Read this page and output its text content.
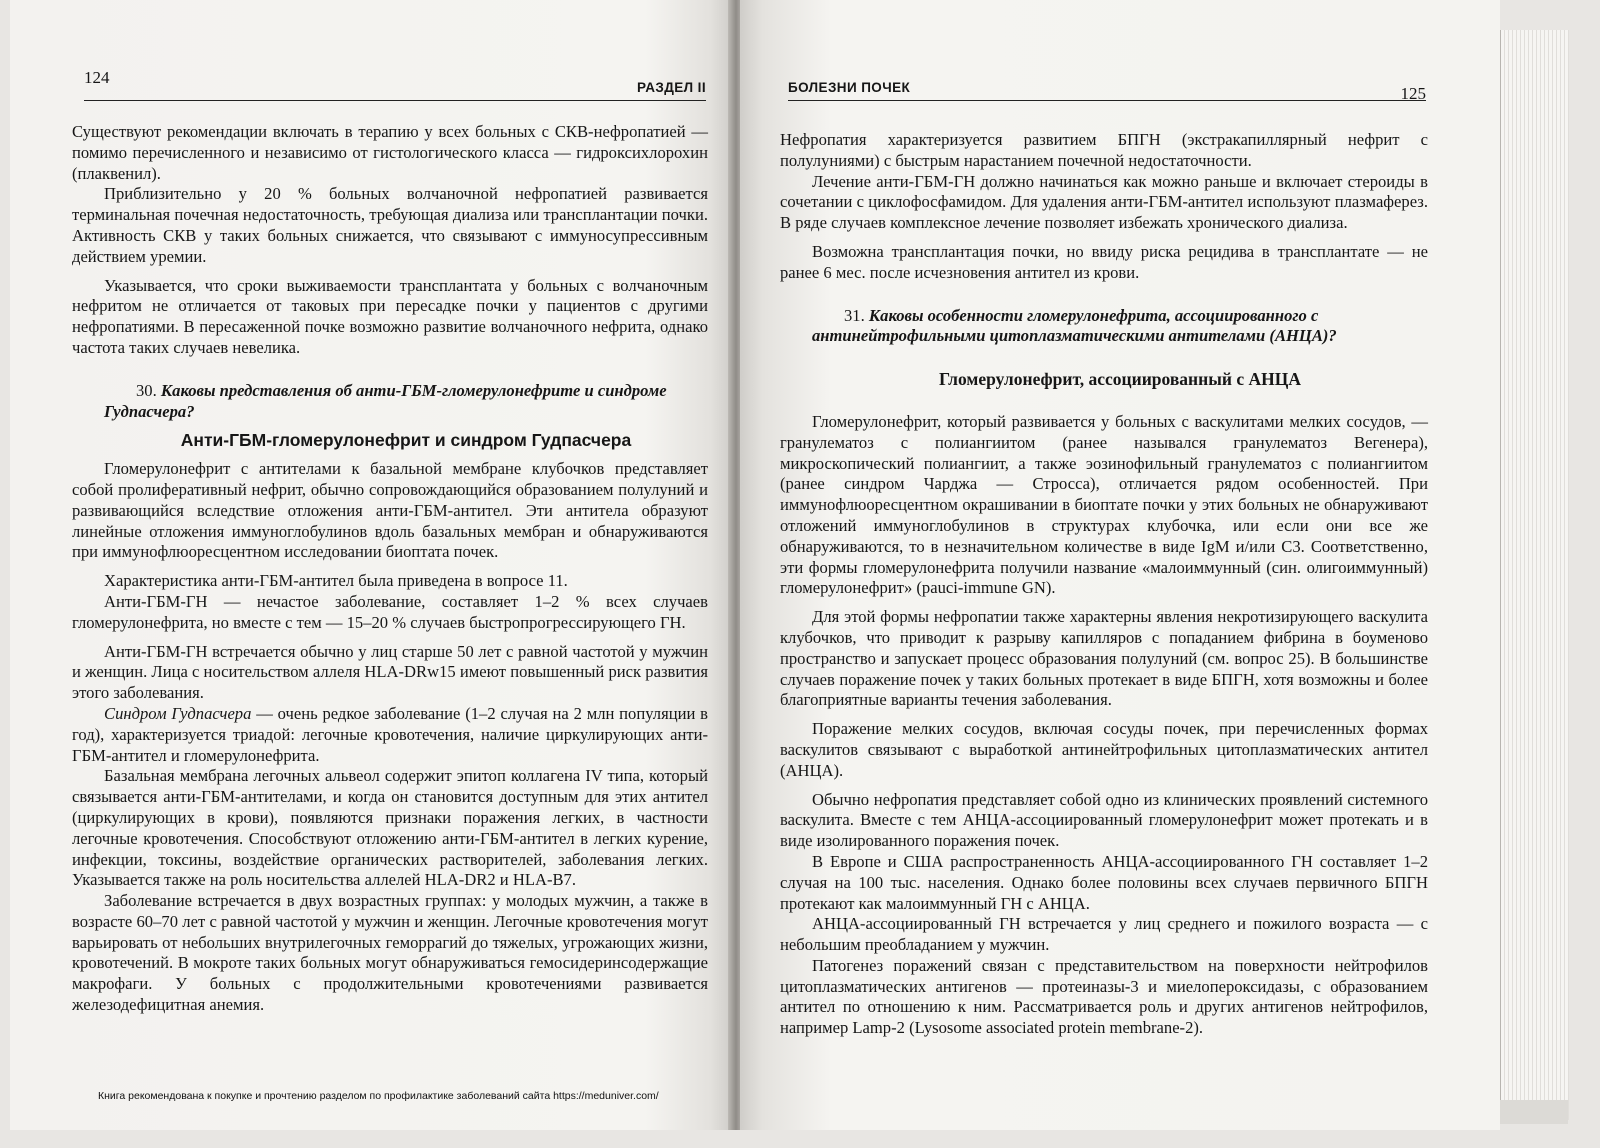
124
РАЗДЕЛ II

Существуют рекомендации включать в терапию у всех больных с СКВ-нефропатией — помимо перечисленного и независимо от гистологического класса — гидроксихлорохин (плаквенил).

Приблизительно у 20 % больных волчаночной нефропатией развивается терминальная почечная недостаточность, требующая диализа или трансплантации почки. Активность СКВ у таких больных снижается, что связывают с иммуносупрессивным действием уремии.

Указывается, что сроки выживаемости трансплантата у больных с волчаночным нефритом не отличается от таковых при пересадке почки у пациентов с другими нефропатиями. В пересаженной почке возможно развитие волчаночного нефрита, однако частота таких случаев невелика.

30. Каковы представления об анти-ГБМ-гломерулонефрите и синдроме Гудпасчера?

Анти-ГБМ-гломерулонефрит и синдром Гудпасчера

Гломерулонефрит с антителами к базальной мембране клубочков представляет собой пролиферативный нефрит, обычно сопровождающийся образованием полулуний и развивающийся вследствие отложения анти-ГБМ-антител. Эти антитела образуют линейные отложения иммуноглобулинов вдоль базальных мембран и обнаруживаются при иммунофлюоресцентном исследовании биоптата почек.

Характеристика анти-ГБМ-антител была приведена в вопросе 11.

Анти-ГБМ-ГН — нечастое заболевание, составляет 1–2 % всех случаев гломерулонефрита, но вместе с тем — 15–20 % случаев быстропрогрессирующего ГН.

Анти-ГБМ-ГН встречается обычно у лиц старше 50 лет с равной частотой у мужчин и женщин. Лица с носительством аллеля HLA-DRw15 имеют повышенный риск развития этого заболевания.

Синдром Гудпасчера — очень редкое заболевание (1–2 случая на 2 млн популяции в год), характеризуется триадой: легочные кровотечения, наличие циркулирующих анти-ГБМ-антител и гломерулонефрита.

Базальная мембрана легочных альвеол содержит эпитоп коллагена IV типа, который связывается анти-ГБМ-антителами, и когда он становится доступным для этих антител (циркулирующих в крови), появляются признаки поражения легких, в частности легочные кровотечения. Способствуют отложению анти-ГБМ-антител в легких курение, инфекции, токсины, воздействие органических растворителей, заболевания легких. Указывается также на роль носительства аллелей HLA-DR2 и HLA-B7.

Заболевание встречается в двух возрастных группах: у молодых мужчин, а также в возрасте 60–70 лет с равной частотой у мужчин и женщин. Легочные кровотечения могут варьировать от небольших внутрилегочных геморрагий до тяжелых, угрожающих жизни, кровотечений. В мокроте таких больных могут обнаруживаться гемосидеринсодержащие макрофаги. У больных с продолжительными кровотечениями развивается железодефицитная анемия.

Книга рекомендована к покупке и прочтению разделом по профилактике заболеваний сайта https://meduniver.com/
БОЛЕЗНИ ПОЧЕК	125

Нефропатия характеризуется развитием БПГН (экстракапиллярный нефрит с полулуниями) с быстрым нарастанием почечной недостаточности.

Лечение анти-ГБМ-ГН должно начинаться как можно раньше и включает стероиды в сочетании с циклофосфамидом. Для удаления анти-ГБМ-антител используют плазмаферез. В ряде случаев комплексное лечение позволяет избежать хронического диализа.

Возможна трансплантация почки, но ввиду риска рецидива в трансплантате — не ранее 6 мес. после исчезновения антител из крови.

31. Каковы особенности гломерулонефрита, ассоциированного с антинейтрофильными цитоплазматическими антителами (АНЦА)?

Гломерулонефрит, ассоциированный с АНЦА

Гломерулонефрит, который развивается у больных с васкулитами мелких сосудов, — гранулематоз с полиангиитом (ранее назывался гранулематоз Вегенера), микроскопический полиангиит, а также эозинофильный гранулематоз с полиангиитом (ранее синдром Чарджа — Стросса), отличается рядом особенностей. При иммунофлюоресцентном окрашивании в биоптате почки у этих больных не обнаруживают отложений иммуноглобулинов в структурах клубочка, или если они все же обнаруживаются, то в незначительном количестве в виде IgM и/или С3. Соответственно, эти формы гломерулонефрита получили название «малоиммунный (син. олигоиммунный) гломерулонефрит» (pauci-immune GN).

Для этой формы нефропатии также характерны явления некротизирующего васкулита клубочков, что приводит к разрыву капилляров с попаданием фибрина в боуменово пространство и запускает процесс образования полулуний (см. вопрос 25). В большинстве случаев поражение почек у таких больных протекает в виде БПГН, хотя возможны и более благоприятные варианты течения заболевания.

Поражение мелких сосудов, включая сосуды почек, при перечисленных формах васкулитов связывают с выработкой антинейтрофильных цитоплазматических антител (АНЦА).

Обычно нефропатия представляет собой одно из клинических проявлений системного васкулита. Вместе с тем АНЦА-ассоциированный гломерулонефрит может протекать и в виде изолированного поражения почек.

В Европе и США распространенность АНЦА-ассоциированного ГН составляет 1–2 случая на 100 тыс. населения. Однако более половины всех случаев первичного БПГН протекают как малоиммунный ГН с АНЦА.

АНЦА-ассоциированный ГН встречается у лиц среднего и пожилого возраста — с небольшим преобладанием у мужчин.

Патогенез поражений связан с представительством на поверхности нейтрофилов цитоплазматических антигенов — протеиназы-3 и миелопероксидазы, с образованием антител по отношению к ним. Рассматривается роль и других антигенов нейтрофилов, например Lamp-2 (Lysosome associated protein membrane-2).
